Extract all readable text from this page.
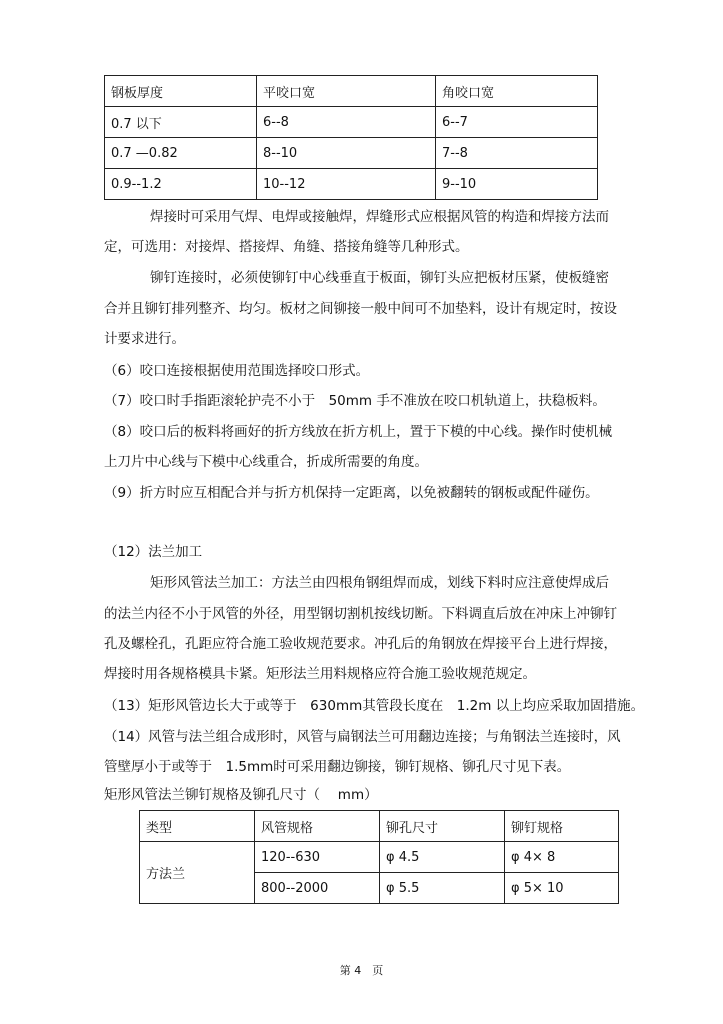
钢板厚度	平咬口宽	角咬口宽
0.7 以下	6--8	6--7
0.7 —0.82	8--10	7--8
0.9--1.2	10--12	9--10
焊接时可采用气焊、电焊或接触焊，焊缝形式应根据风管的构造和焊接方法而
定，可选用：对接焊、搭接焊、角缝、搭接角缝等几种形式。
铆钉连接时，必须使铆钉中心线垂直于板面，铆钉头应把板材压紧，使板缝密
合并且铆钉排列整齐、均匀。板材之间铆接一般中间可不加垫料，设计有规定时，按设
计要求进行。
（6）咬口连接根据使用范围选择咬口形式。
（7）咬口时手指距滚轮护壳不小于　50mm 手不准放在咬口机轨道上，扶稳板料。
（8）咬口后的板料将画好的折方线放在折方机上，置于下模的中心线。操作时使机械
上刀片中心线与下模中心线重合，折成所需要的角度。
（9）折方时应互相配合并与折方机保持一定距离，以免被翻转的钢板或配件碰伤。
（12）法兰加工
矩形风管法兰加工：方法兰由四根角钢组焊而成，划线下料时应注意使焊成后
的法兰内径不小于风管的外径，用型钢切割机按线切断。下料调直后放在冲床上冲铆钉
孔及螺栓孔，孔距应符合施工验收规范要求。冲孔后的角钢放在焊接平台上进行焊接，
焊接时用各规格模具卡紧。矩形法兰用料规格应符合施工验收规范规定。
（13）矩形风管边长大于或等于　630mm其管段长度在　1.2m 以上均应采取加固措施。
（14）风管与法兰组合成形时，风管与扁钢法兰可用翻边连接；与角钢法兰连接时，风
管壁厚小于或等于　1.5mm时可采用翻边铆接，铆钉规格、铆孔尺寸见下表。
矩形风管法兰铆钉规格及铆孔尺寸（　 mm）
类型	风管规格	铆孔尺寸	铆钉规格
方法兰	120--630	φ 4.5	φ 4× 8
	800--2000	φ 5.5	φ 5× 10
第 4　页
